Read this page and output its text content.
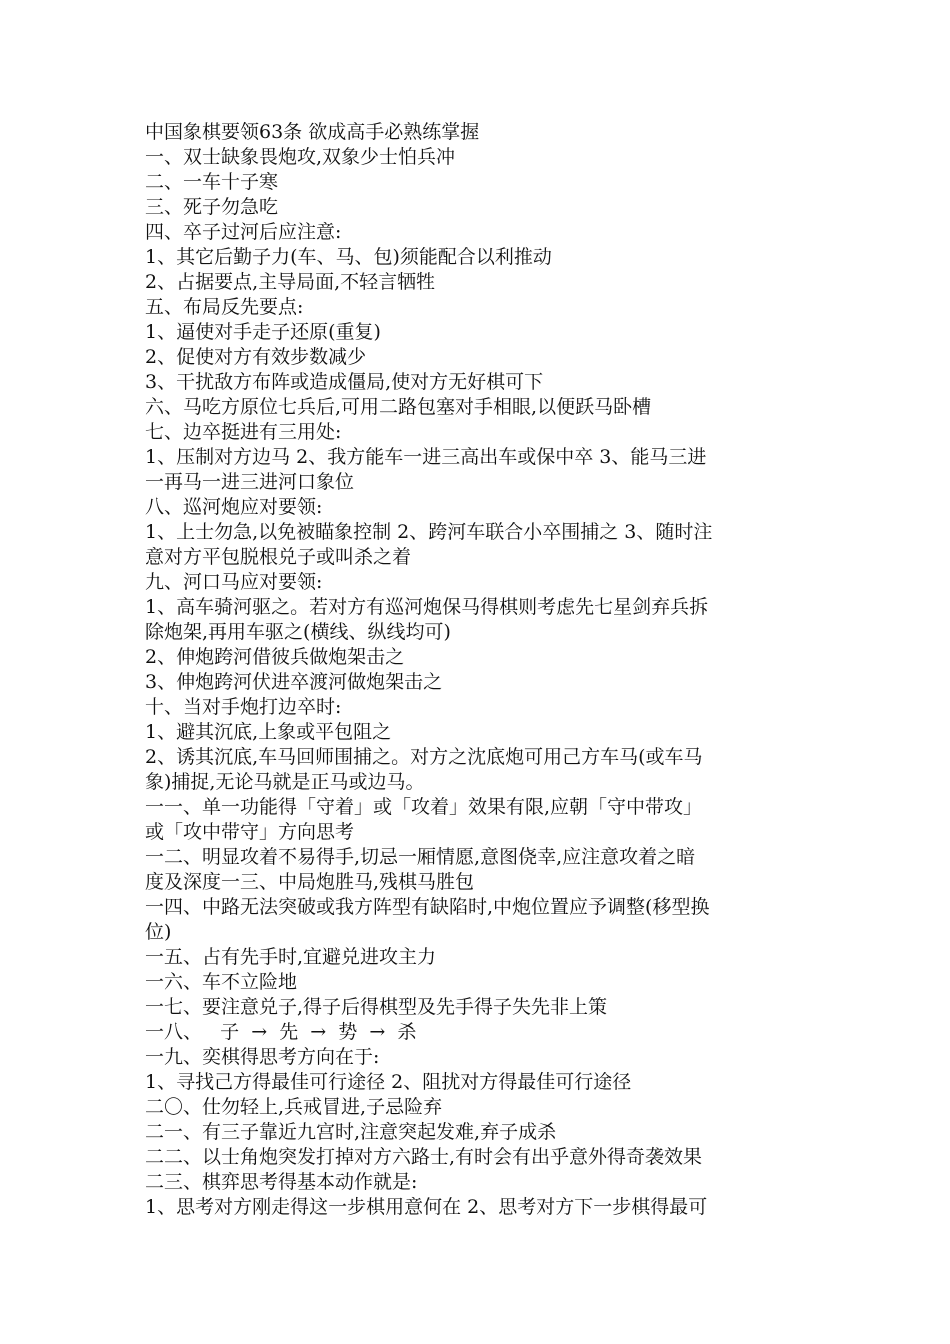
中国象棋要领63条 欲成高手必熟练掌握
一、双士缺象畏炮攻,双象少士怕兵冲
二、一车十子寒
三、死子勿急吃
四、卒子过河后应注意:
1、其它后勤子力(车、马、包)须能配合以利推动
2、占据要点,主导局面,不轻言牺牲
五、布局反先要点:
1、逼使对手走子还原(重复)
2、促使对方有效步数减少
3、干扰敌方布阵或造成僵局,使对方无好棋可下
六、马吃方原位七兵后,可用二路包塞对手相眼,以便跃马卧槽
七、边卒挺进有三用处:
1、压制对方边马 2、我方能车一进三高出车或保中卒 3、能马三进
一再马一进三进河口象位
八、巡河炮应对要领:
1、上士勿急,以免被瞄象控制 2、跨河车联合小卒围捕之 3、随时注
意对方平包脱根兑子或叫杀之着
九、河口马应对要领:
1、高车骑河驱之。若对方有巡河炮保马得棋则考虑先七星剑弃兵拆
除炮架,再用车驱之(横线、纵线均可)
2、伸炮跨河借彼兵做炮架击之
3、伸炮跨河伏进卒渡河做炮架击之
十、当对手炮打边卒时:
1、避其沉底,上象或平包阻之
2、诱其沉底,车马回师围捕之。对方之沈底炮可用己方车马(或车马
象)捕捉,无论马就是正马或边马。
一一、单一功能得「守着」或「攻着」效果有限,应朝「守中带攻」
或「攻中带守」方向思考
一二、明显攻着不易得手,切忌一厢情愿,意图侥幸,应注意攻着之暗
度及深度一三、中局炮胜马,残棋马胜包
一四、中路无法突破或我方阵型有缺陷时,中炮位置应予调整(移型换
位)
一五、占有先手时,宜避兑进攻主力
一六、车不立险地
一七、要注意兑子,得子后得棋型及先手得子失先非上策
一八、   子  →  先  →  势  →  杀
一九、奕棋得思考方向在于:
1、寻找己方得最佳可行途径 2、阻扰对方得最佳可行途径
二〇、仕勿轻上,兵戒冒进,子忌险弃
二一、有三子靠近九宫时,注意突起发难,弃子成杀
二二、以士角炮突发打掉对方六路士,有时会有出乎意外得奇袭效果
二三、棋弈思考得基本动作就是:
1、思考对方刚走得这一步棋用意何在 2、思考对方下一步棋得最可
